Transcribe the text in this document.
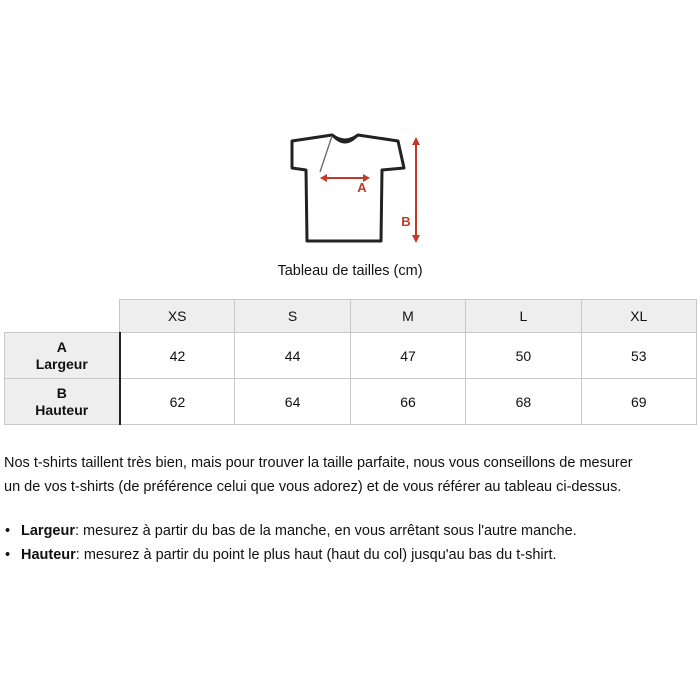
A
B
Tableau de tailles (cm)
	XS	S	M	L	XL
A
Largeur	42	44	47	50	53
B
Hauteur	62	64	66	68	69
Nos t-shirts taillent très bien, mais pour trouver la taille parfaite, nous vous conseillons de mesurer
un de vos t-shirts (de préférence celui que vous adorez) et de vous référer au tableau ci-dessus.
• Largeur: mesurez à partir du bas de la manche, en vous arrêtant sous l'autre manche.
• Hauteur: mesurez à partir du point le plus haut (haut du col) jusqu'au bas du t-shirt.
